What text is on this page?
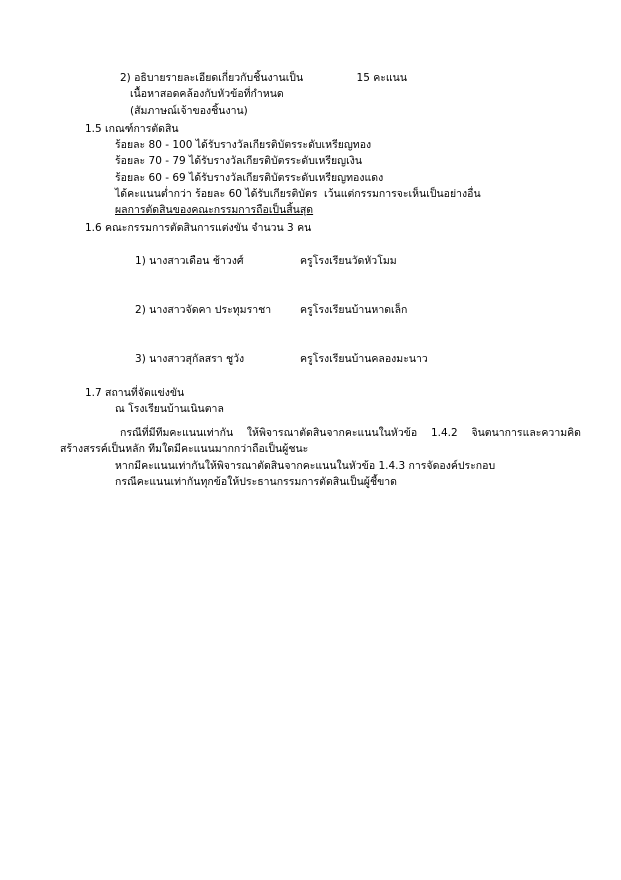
2) อธิบายรายละเอียดเกี่ยวกับชิ้นงานเป็น                15 คะแนน
เนื้อหาสอดคล้องกับหัวข้อที่กำหนด
(สัมภาษณ์เจ้าของชิ้นงาน)
1.5 เกณฑ์การตัดสิน
ร้อยละ 80 - 100 ได้รับรางวัลเกียรติบัตรระดับเหรียญทอง
ร้อยละ 70 - 79 ได้รับรางวัลเกียรติบัตรระดับเหรียญเงิน
ร้อยละ 60 - 69 ได้รับรางวัลเกียรติบัตรระดับเหรียญทองแดง
ได้คะแนนต่ำกว่า ร้อยละ 60 ได้รับเกียรติบัตร  เว้นแต่กรรมการจะเห็นเป็นอย่างอื่น
ผลการตัดสินของคณะกรรมการถือเป็นสิ้นสุด
1.6 คณะกรรมการตัดสินการแต่งขัน จำนวน 3 คน

1) นางสาวเดือน ช้าวงศ์	ครูโรงเรียนวัดหัวโมม

2) นางสาวจัดคา ประทุมราชา	ครูโรงเรียนบ้านหาดเล็ก

3) นางสาวสุกัลสรา ชูวัง	ครูโรงเรียนบ้านคลองมะนาว

1.7 สถานที่จัดแข่งขัน
ณ โรงเรียนบ้านเนินตาล

กรณีที่มีทีมคะแนนเท่ากัน ให้พิจารณาตัดสินจากคะแนนในหัวข้อ 1.4.2 จินตนาการและความคิดสร้างสรรค์เป็นหลัก ทีมใดมีคะแนนมากกว่าถือเป็นผู้ชนะ

หากมีคะแนนเท่ากันให้พิจารณาตัดสินจากคะแนนในหัวข้อ 1.4.3 การจัดองค์ประกอบ
กรณีคะแนนเท่ากันทุกข้อให้ประธานกรรมการตัดสินเป็นผู้ชี้ขาด
